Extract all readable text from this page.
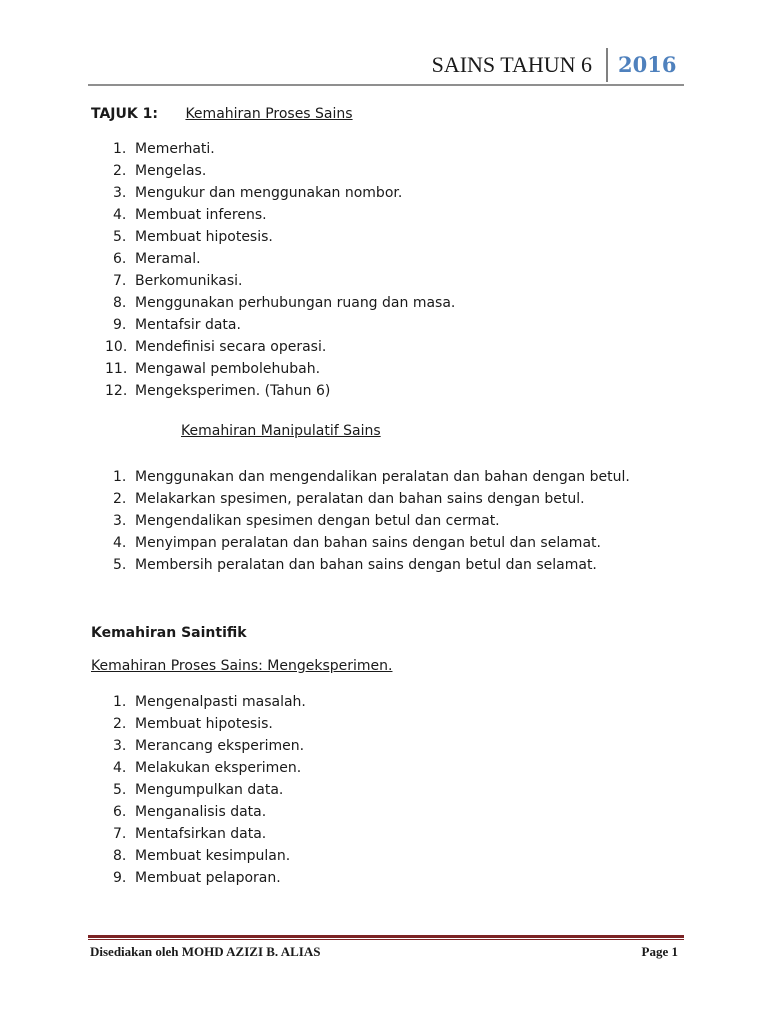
SAINS TAHUN 6 2016
TAJUK 1: Kemahiran Proses Sains
1. Memerhati.
2. Mengelas.
3. Mengukur dan menggunakan nombor.
4. Membuat inferens.
5. Membuat hipotesis.
6. Meramal.
7. Berkomunikasi.
8. Menggunakan perhubungan ruang dan masa.
9. Mentafsir data.
10. Mendefinisi secara operasi.
11. Mengawal pembolehubah.
12. Mengeksperimen. (Tahun 6)
Kemahiran Manipulatif Sains
1. Menggunakan dan mengendalikan peralatan dan bahan dengan betul.
2. Melakarkan spesimen, peralatan dan bahan sains dengan betul.
3. Mengendalikan spesimen dengan betul dan cermat.
4. Menyimpan peralatan dan bahan sains dengan betul dan selamat.
5. Membersih peralatan dan bahan sains dengan betul dan selamat.
Kemahiran Saintifik
Kemahiran Proses Sains: Mengeksperimen.
1. Mengenalpasti masalah.
2. Membuat hipotesis.
3. Merancang eksperimen.
4. Melakukan eksperimen.
5. Mengumpulkan data.
6. Menganalisis data.
7. Mentafsirkan data.
8. Membuat kesimpulan.
9. Membuat pelaporan.
Disediakan oleh MOHD AZIZI B. ALIAS	Page 1
